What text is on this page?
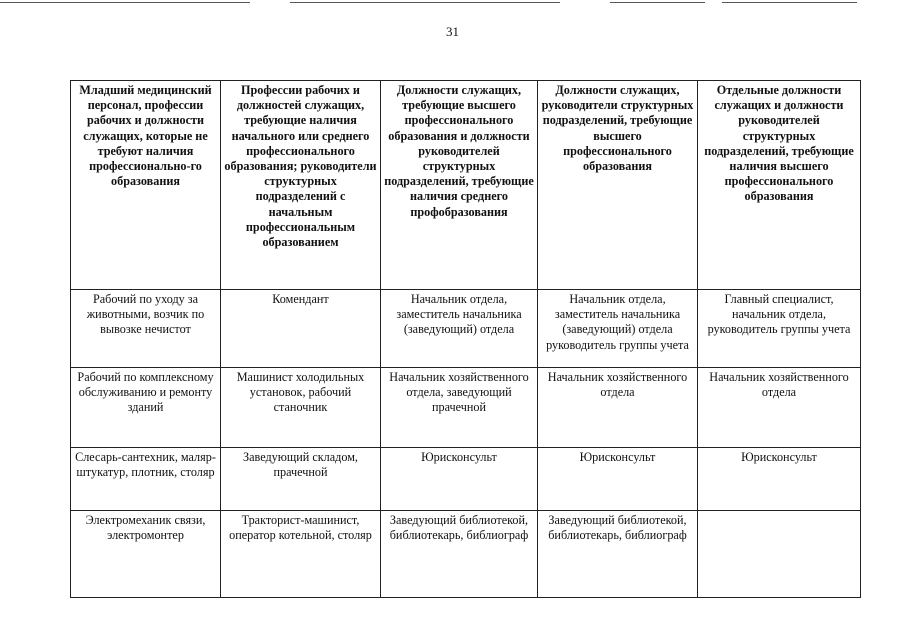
31
Младший медицинский персонал, профессии рабочих и должности служащих, которые не требуют наличия профессионально-го образования	Профессии рабочих и должностей служащих, требующие наличия начального или среднего профессионального образования; руководители структурных подразделений с начальным профессиональным образованием	Должности служащих, требующие высшего профессионального образования и должности руководителей структурных подразделений, требующие наличия среднего профобразования	Должности служащих, руководители структурных подразделений, требующие высшего профессионального образования	Отдельные должности служащих и должности руководителей структурных подразделений, требующие наличия высшего профессионального образования
Рабочий по уходу за животными, возчик по вывозке нечистот	Комендант	Начальник отдела, заместитель начальника (заведующий) отдела	Начальник отдела, заместитель начальника (заведующий) отдела руководитель группы учета	Главный специалист, начальник отдела, руководитель группы учета
Рабочий по комплексному обслуживанию и ремонту зданий	Машинист холодильных установок, рабочий станочник	Начальник хозяйственного отдела, заведующий прачечной	Начальник хозяйственного отдела	Начальник хозяйственного отдела
Слесарь-сантехник, маляр-штукатур, плотник, столяр	Заведующий складом, прачечной	Юрисконсульт	Юрисконсульт	Юрисконсульт
Электромеханик связи, электромонтер	Тракторист-машинист, оператор котельной, столяр	Заведующий библиотекой, библиотекарь, библиограф	Заведующий библиотекой, библиотекарь, библиограф	
